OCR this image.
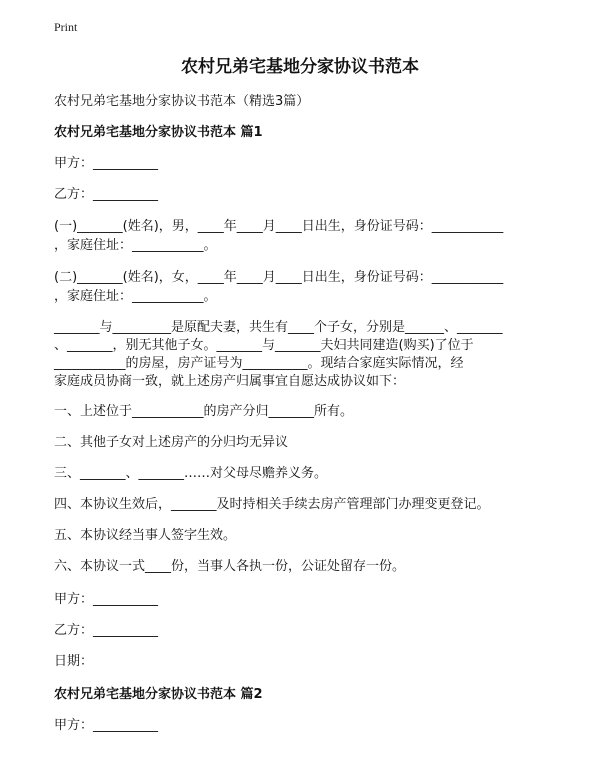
Print
农村兄弟宅基地分家协议书范本
农村兄弟宅基地分家协议书范本（精选3篇）
农村兄弟宅基地分家协议书范本 篇1
甲方：__________
乙方：__________
(一)_______(姓名)，男，____年____月____日出生，身份证号码：___________
，家庭住址：___________。
(二)_______(姓名)，女，____年____月____日出生，身份证号码：___________
，家庭住址：___________。
_______与_________是原配夫妻，共生有____个子女，分别是______、_______
、_______，别无其他子女。_______与_______夫妇共同建造(购买)了位于
___________的房屋，房产证号为__________。现结合家庭实际情况，经
家庭成员协商一致，就上述房产归属事宜自愿达成协议如下：
一、上述位于___________的房产分归_______所有。
二、其他子女对上述房产的分归均无异议
三、_______、_______……对父母尽赡养义务。
四、本协议生效后，_______及时持相关手续去房产管理部门办理变更登记。
五、本协议经当事人签字生效。
六、本协议一式____份，当事人各执一份，公证处留存一份。
甲方：__________
乙方：__________
日期：
农村兄弟宅基地分家协议书范本 篇2
甲方：__________
